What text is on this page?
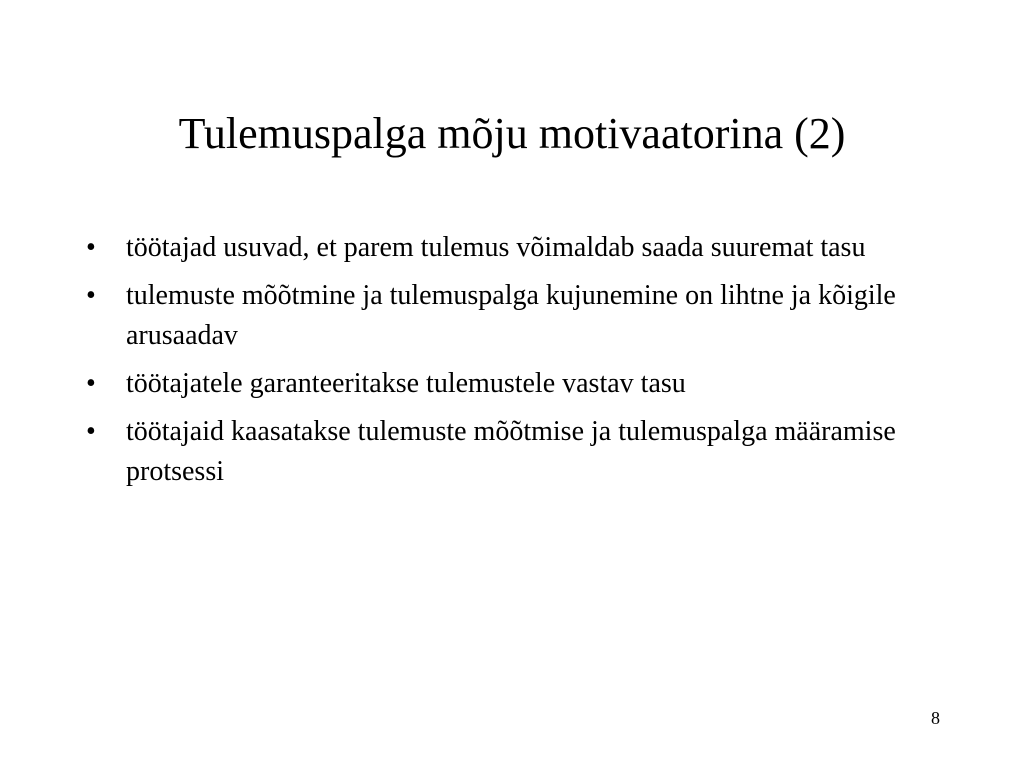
Tulemuspalga mõju motivaatorina (2)
• töötajad usuvad, et parem tulemus võimaldab saada suuremat tasu
• tulemuste mõõtmine ja tulemuspalga kujunemine on lihtne ja kõigile arusaadav
• töötajatele garanteeritakse tulemustele vastav tasu
• töötajaid kaasatakse tulemuste mõõtmise ja tulemuspalga määramise protsessi
8
